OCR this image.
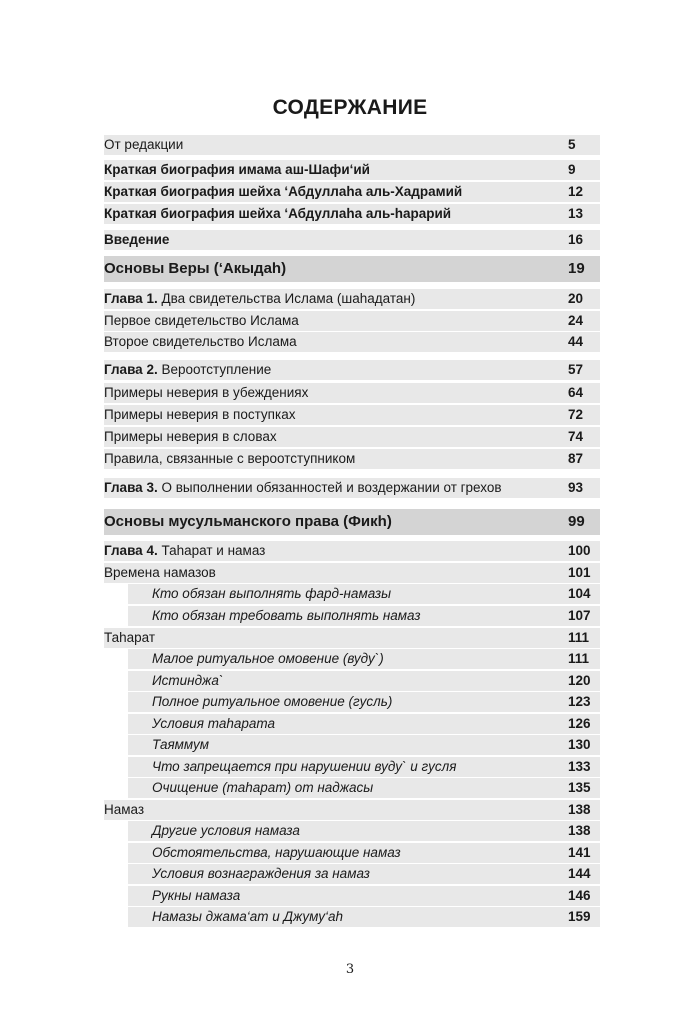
СОДЕРЖАНИЕ
От редакции	5
Краткая биография имама аш-Шафи‘ий	9
Краткая биография шейха ‘Абдуллаһа аль-Хадрамий	12
Краткая биография шейха ‘Абдуллаһа аль-һарарий	13
Введение	16
Основы Веры (‘Акыдаһ)	19
Глава 1. Два свидетельства Ислама (шаһадатан)	20
Первое свидетельство Ислама	24
Второе свидетельство Ислама	44
Глава 2. Вероотступление	57
Примеры неверия в убеждениях	64
Примеры неверия в поступках	72
Примеры неверия в словах	74
Правила, связанные с вероотступником	87
Глава 3. О выполнении обязанностей и воздержании от грехов	93
Основы мусульманского права (Фикһ)	99
Глава 4. Таһарат и намаз	100
Времена намазов	101
Кто обязан выполнять фард-намазы	104
Кто обязан требовать выполнять намаз	107
Таһарат	111
Малое ритуальное омовение (вуду`)	111
Истинджа`	120
Полное ритуальное омовение (гусль)	123
Условия таһарата	126
Таяммум	130
Что запрещается при нарушении вуду` и гусля	133
Очищение (таһарат) от наджасы	135
Намаз	138
Другие условия намаза	138
Обстоятельства, нарушающие намаз	141
Условия вознаграждения за намаз	144
Рукны намаза	146
Намазы джама‘ат и Джуму‘аһ	159
3
